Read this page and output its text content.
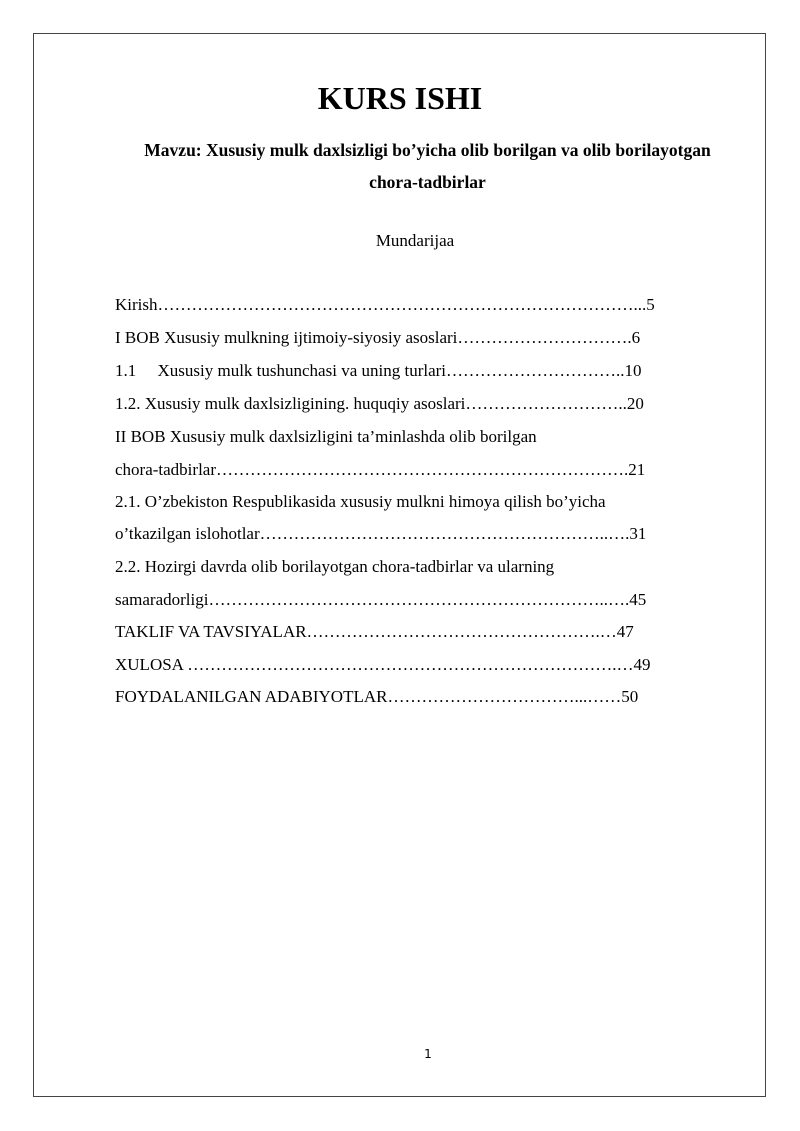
KURS ISHI
Mavzu: Xususiy mulk daxlsizligi bo’yicha olib borilgan va olib borilayotgan
chora-tadbirlar
Mundarijaa
Kirish…………………………………………………………………………...5
I BOB Xususiy mulkning ijtimoiy-siyosiy asoslari………………………….6
1.1     Xususiy mulk tushunchasi va uning turlari…………………………..10
1.2. Xususiy mulk daxlsizligining. huquqiy asoslari………………………..20
II BOB Xususiy mulk daxlsizligini ta’minlashda olib borilgan
chora-tadbirlar……………………………………………………………….21
2.1. O’zbekiston Respublikasida xususiy mulkni himoya qilish bo’yicha
o’tkazilgan islohotlar……………………………………………………..….31
2.2. Hozirgi davrda olib borilayotgan chora-tadbirlar va ularning
samaradorligi……………………………………………………………..….45
TAKLIF VA TAVSIYALAR…………………………………………….…47
XULOSA ………………………………………………………………….…49
FOYDALANILGAN ADABIYOTLAR……………………………...……50
1
